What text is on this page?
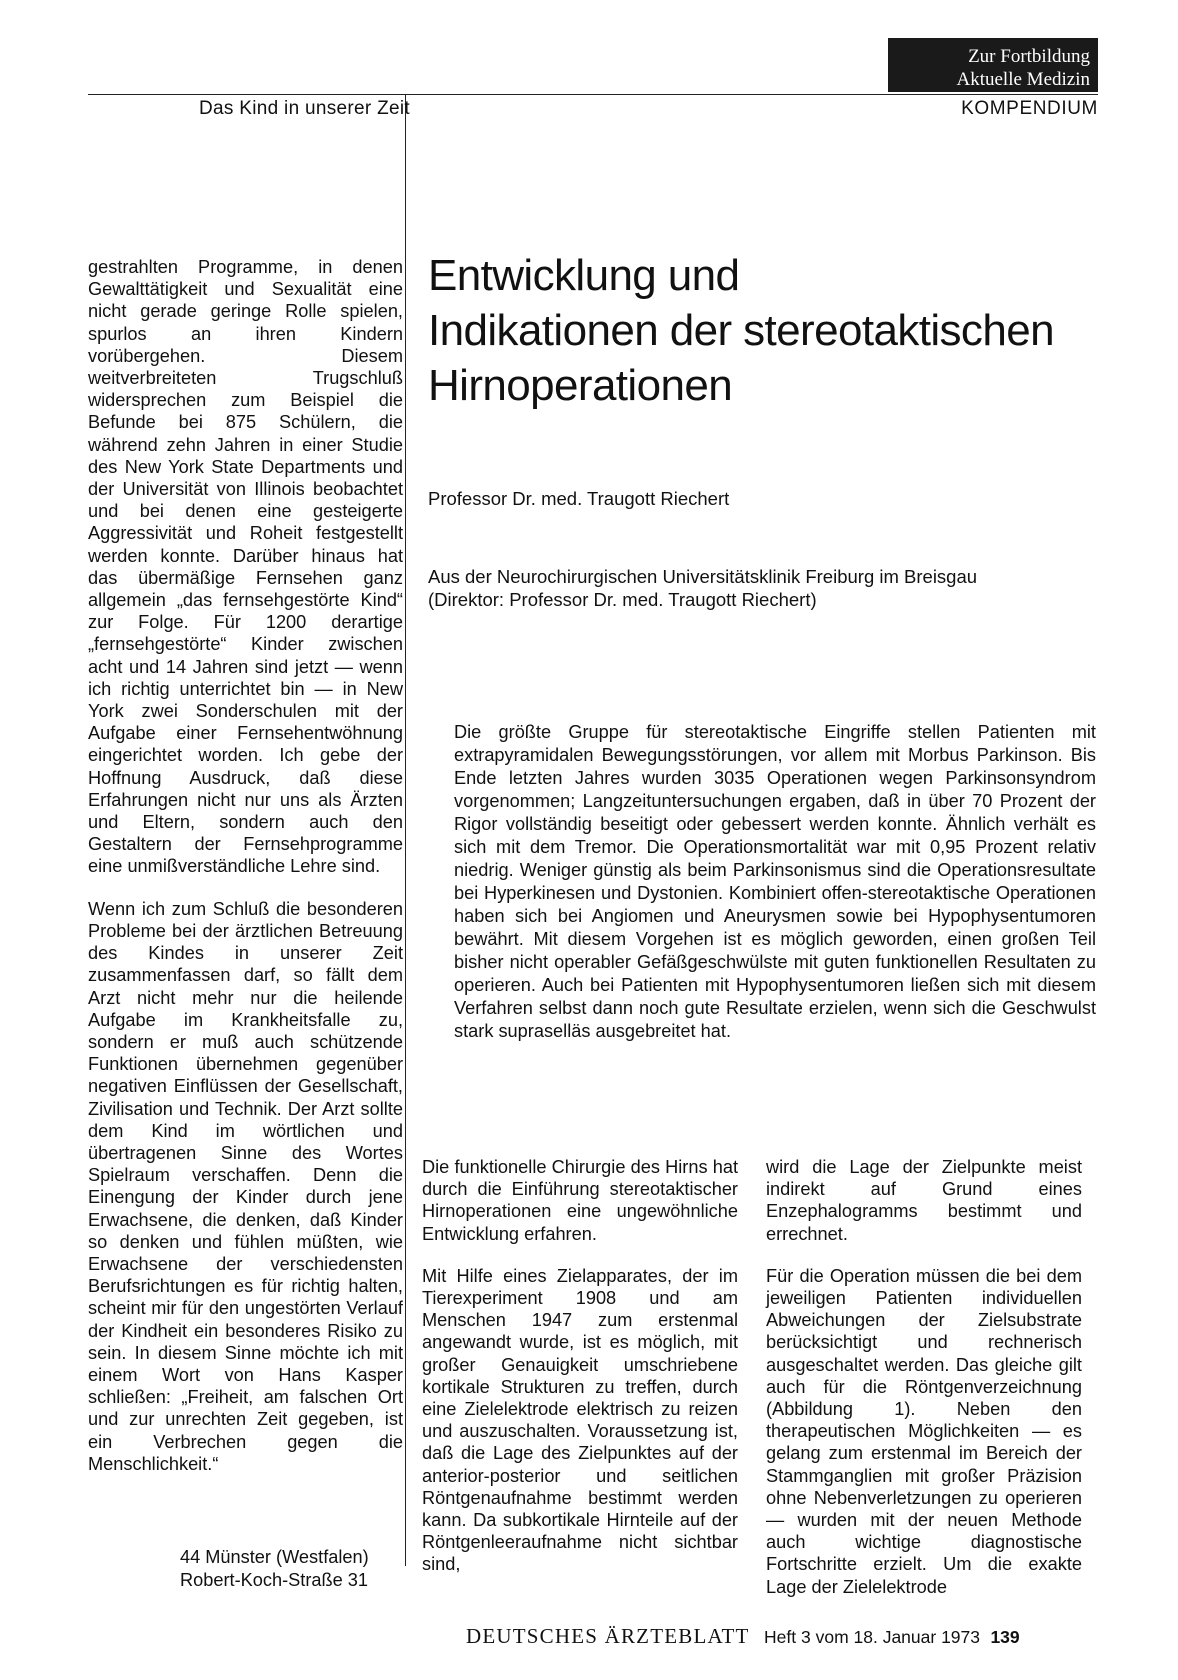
Zur Fortbildung
Aktuelle Medizin
Das Kind in unserer Zeit	KOMPENDIUM

gestrahlten Programme, in denen Gewalttätigkeit und Sexualität eine nicht gerade geringe Rolle spielen, spurlos an ihren Kindern vorübergehen. Diesem weitverbreiteten Trugschluß widersprechen zum Beispiel die Befunde bei 875 Schülern, die während zehn Jahren in einer Studie des New York State Departments und der Universität von Illinois beobachtet und bei denen eine gesteigerte Aggressivität und Roheit festgestellt werden konnte. Darüber hinaus hat das übermäßige Fernsehen ganz allgemein „das fernsehgestörte Kind“ zur Folge. Für 1200 derartige „fernsehgestörte“ Kinder zwischen acht und 14 Jahren sind jetzt — wenn ich richtig unterrichtet bin — in New York zwei Sonderschulen mit der Aufgabe einer Fernsehentwöhnung eingerichtet worden. Ich gebe der Hoffnung Ausdruck, daß diese Erfahrungen nicht nur uns als Ärzten und Eltern, sondern auch den Gestaltern der Fernsehprogramme eine unmißverständliche Lehre sind.

Wenn ich zum Schluß die besonderen Probleme bei der ärztlichen Betreuung des Kindes in unserer Zeit zusammenfassen darf, so fällt dem Arzt nicht mehr nur die heilende Aufgabe im Krankheitsfalle zu, sondern er muß auch schützende Funktionen übernehmen gegenüber negativen Einflüssen der Gesellschaft, Zivilisation und Technik. Der Arzt sollte dem Kind im wörtlichen und übertragenen Sinne des Wortes Spielraum verschaffen. Denn die Einengung der Kinder durch jene Erwachsene, die denken, daß Kinder so denken und fühlen müßten, wie Erwachsene der verschiedensten Berufsrichtungen es für richtig halten, scheint mir für den ungestörten Verlauf der Kindheit ein besonderes Risiko zu sein. In diesem Sinne möchte ich mit einem Wort von Hans Kasper schließen: „Freiheit, am falschen Ort und zur unrechten Zeit gegeben, ist ein Verbrechen gegen die Menschlichkeit.“

44 Münster (Westfalen)
Robert-Koch-Straße 31
Entwicklung und
Indikationen der stereotaktischen
Hirnoperationen
Professor Dr. med. Traugott Riechert
Aus der Neurochirurgischen Universitätsklinik Freiburg im Breisgau
(Direktor: Professor Dr. med. Traugott Riechert)
Die größte Gruppe für stereotaktische Eingriffe stellen Patienten mit extrapyramidalen Bewegungsstörungen, vor allem mit Morbus Parkinson. Bis Ende letzten Jahres wurden 3035 Operationen wegen Parkinsonsyndrom vorgenommen; Langzeituntersuchungen ergaben, daß in über 70 Prozent der Rigor vollständig beseitigt oder gebessert werden konnte. Ähnlich verhält es sich mit dem Tremor. Die Operationsmortalität war mit 0,95 Prozent relativ niedrig. Weniger günstig als beim Parkinsonismus sind die Operationsresultate bei Hyperkinesen und Dystonien. Kombiniert offen-stereotaktische Operationen haben sich bei Angiomen und Aneurysmen sowie bei Hypophysentumoren bewährt. Mit diesem Vorgehen ist es möglich geworden, einen großen Teil bisher nicht operabler Gefäßgeschwülste mit guten funktionellen Resultaten zu operieren. Auch bei Patienten mit Hypophysentumoren ließen sich mit diesem Verfahren selbst dann noch gute Resultate erzielen, wenn sich die Geschwulst stark supraselläs ausgebreitet hat.

Die funktionelle Chirurgie des Hirns hat durch die Einführung stereotaktischer Hirnoperationen eine ungewöhnliche Entwicklung erfahren.

Mit Hilfe eines Zielapparates, der im Tierexperiment 1908 und am Menschen 1947 zum erstenmal angewandt wurde, ist es möglich, mit großer Genauigkeit umschriebene kortikale Strukturen zu treffen, durch eine Zielelektrode elektrisch zu reizen und auszuschalten. Voraussetzung ist, daß die Lage des Zielpunktes auf der anterior-posterior und seitlichen Röntgenaufnahme bestimmt werden kann. Da subkortikale Hirnteile auf der Röntgenleeraufnahme nicht sichtbar sind,

wird die Lage der Zielpunkte meist indirekt auf Grund eines Enzephalogramms bestimmt und errechnet.

Für die Operation müssen die bei dem jeweiligen Patienten individuellen Abweichungen der Zielsubstrate berücksichtigt und rechnerisch ausgeschaltet werden. Das gleiche gilt auch für die Röntgenverzeichnung (Abbildung 1). Neben den therapeutischen Möglichkeiten — es gelang zum erstenmal im Bereich der Stammganglien mit großer Präzision ohne Nebenverletzungen zu operieren — wurden mit der neuen Methode auch wichtige diagnostische Fortschritte erzielt. Um die exakte Lage der Zielelektrode

DEUTSCHES ÄRZTEBLATT Heft 3 vom 18. Januar 1973 139
